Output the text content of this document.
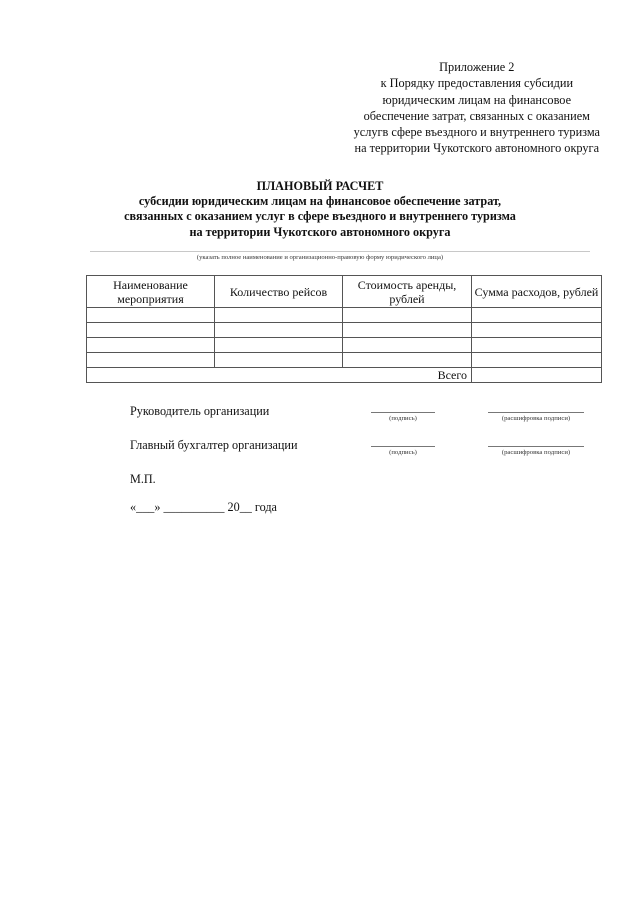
Приложение 2
к Порядку предоставления субсидии
юридическим лицам на финансовое
обеспечение затрат, связанных с оказанием
услугв сфере въездного и внутреннего туризма
на территории Чукотского автономного округа
ПЛАНОВЫЙ РАСЧЕТ
субсидии юридическим лицам на финансовое обеспечение затрат,
связанных с оказанием услуг в сфере въездного и внутреннего туризма
на территории Чукотского автономного округа
(указать полное наименование и организационно-правовую форму юридического лица)
Наименование мероприятия	Количество рейсов	Стоимость аренды, рублей	Сумма расходов, рублей

Всего			
Руководитель организации
(подпись)	(расшифровка подписи)
Главный бухгалтер организации
(подпись)	(расшифровка подписи)
М.П.
«___» __________ 20__ года
